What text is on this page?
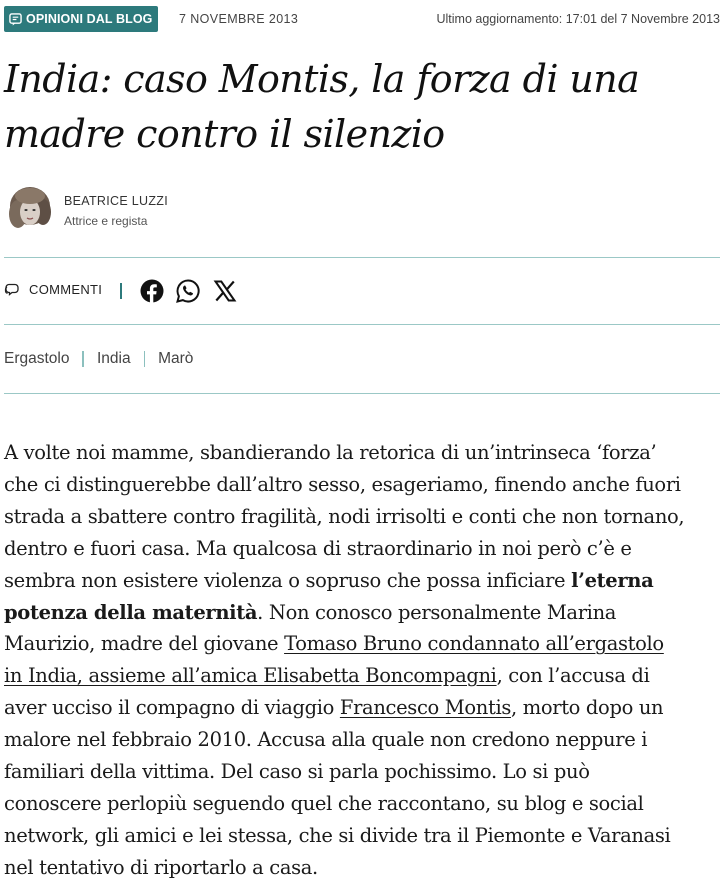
OPINIONI DAL BLOG 7 NOVEMBRE 2013	Ultimo aggiornamento: 17:01 del 7 Novembre 2013
India: caso Montis, la forza di una
madre contro il silenzio
BEATRICE LUZZI
Attrice e regista
COMMENTI
Ergastolo India Marò
A volte noi mamme, sbandierando la retorica di un’intrinseca ‘forza’
che ci distinguerebbe dall’altro sesso, esageriamo, finendo anche fuori
strada a sbattere contro fragilità, nodi irrisolti e conti che non tornano,
dentro e fuori casa. Ma qualcosa di straordinario in noi però c’è e
sembra non esistere violenza o sopruso che possa inficiare l’eterna
potenza della maternità. Non conosco personalmente Marina
Maurizio, madre del giovane Tomaso Bruno condannato all’ergastolo
in India, assieme all’amica Elisabetta Boncompagni, con l’accusa di
aver ucciso il compagno di viaggio Francesco Montis, morto dopo un
malore nel febbraio 2010. Accusa alla quale non credono neppure i
familiari della vittima. Del caso si parla pochissimo. Lo si può
conoscere perlopiù seguendo quel che raccontano, su blog e social
network, gli amici e lei stessa, che si divide tra il Piemonte e Varanasi
nel tentativo di riportarlo a casa.
